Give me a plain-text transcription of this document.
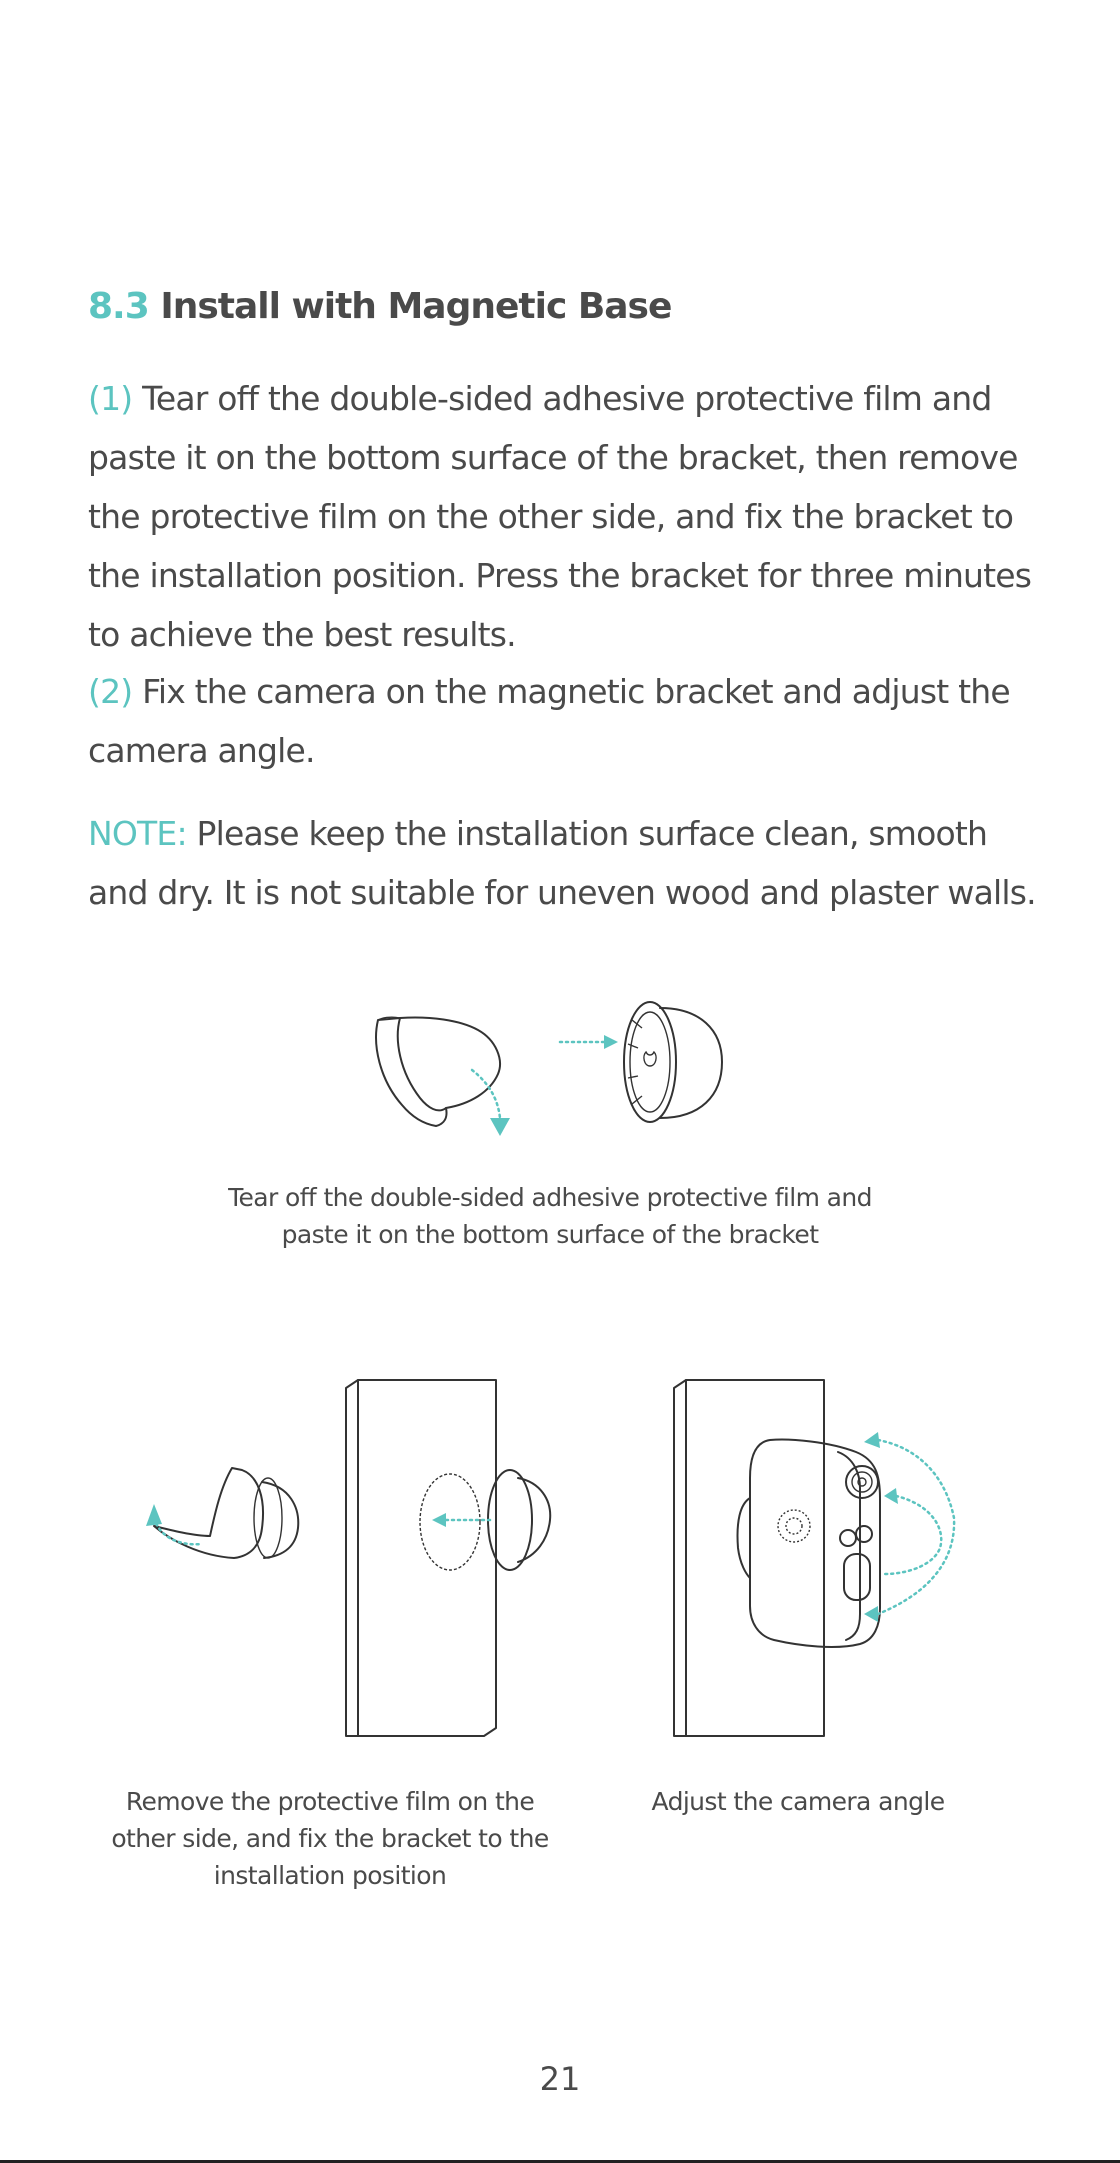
8.3 Install with Magnetic Base

(1) Tear off the double-sided adhesive protective film and paste it on the bottom surface of the bracket, then remove the protective film on the other side, and fix the bracket to the installation position. Press the bracket for three minutes to achieve the best results.

(2) Fix the camera on the magnetic bracket and adjust the camera angle.

NOTE: Please keep the installation surface clean, smooth and dry. It is not suitable for uneven wood and plaster walls.

Tear off the double-sided adhesive protective film and paste it on the bottom surface of the bracket

Remove the protective film on the other side, and fix the bracket to the installation position

Adjust the camera angle

21
